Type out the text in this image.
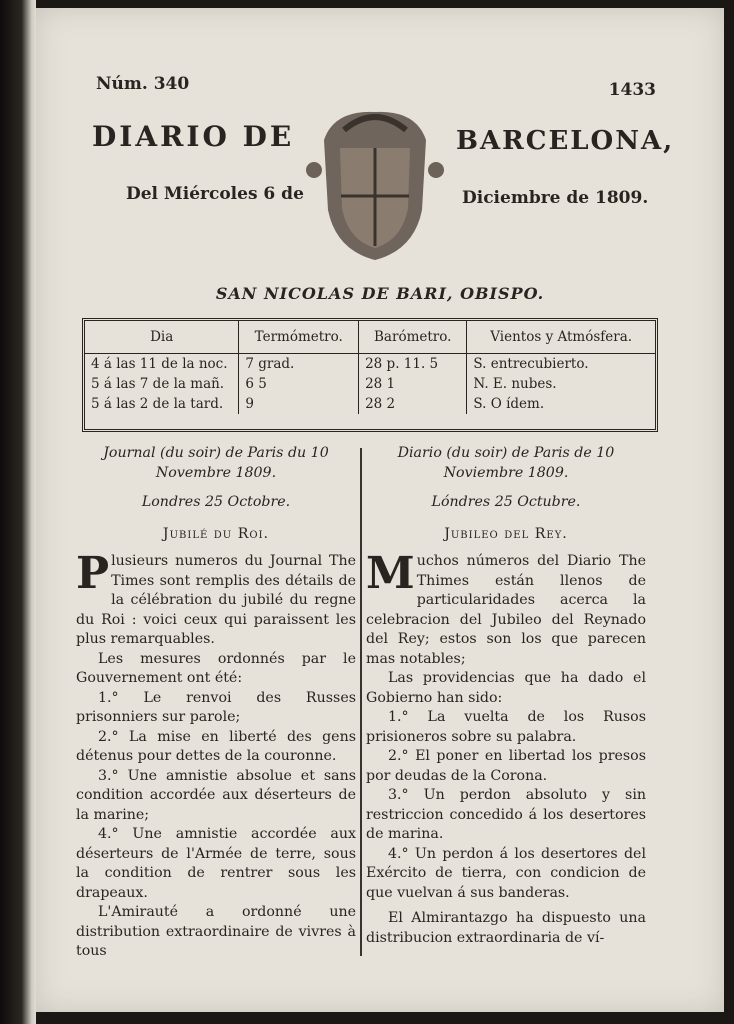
Núm. 340	1433
DIARIO DE	BARCELONA,
Del Miércoles 6 de	Diciembre de 1809.
SAN NICOLAS DE BARI, OBISPO.
Dia	Termómetro.	Barómetro.	Vientos y Atmósfera.
4 á las 11 de la noc.	7 grad.	28 p. 11. 5	S. entrecubierto.
5 á las 7 de la mañ.	6 5	28 1	N. E. nubes.
5 á las 2 de la tard.	9	28 2	S. O ídem.

Journal (du soir) de Paris du 10 Novembre 1809.

Londres 25 Octobre.

Jubilé du Roi.

Plusieurs numeros du Journal The Times sont remplis des détails de la célébration du jubilé du regne du Roi : voici ceux qui paraissent les plus remarquables.

Les mesures ordonnés par le Gouvernement ont été:

1.° Le renvoi des Russes prisonniers sur parole;

2.° La mise en liberté des gens détenus pour dettes de la couronne.

3.° Une amnistie absolue et sans condition accordée aux déserteurs de la marine;

4.° Une amnistie accordée aux déserteurs de l'Armée de terre, sous la condition de rentrer sous les drapeaux.

L'Amirauté a ordonné une distribution extraordinaire de vivres à tous

Diario (du soir) de Paris de 10 Noviembre 1809.

Lóndres 25 Octubre.

Jubileo del Rey.

Muchos números del Diario The Thimes están llenos de particularidades acerca la celebracion del Jubileo del Reynado del Rey; estos son los que parecen mas notables;

Las providencias que ha dado el Gobierno han sido:

1.° La vuelta de los Rusos prisioneros sobre su palabra.

2.° El poner en libertad los presos por deudas de la Corona.

3.° Un perdon absoluto y sin restriccion concedido á los desertores de marina.

4.° Un perdon á los desertores del Exército de tierra, con condicion de que vuelvan á sus banderas.

El Almirantazgo ha dispuesto una distribucion extraordinaria de ví-
